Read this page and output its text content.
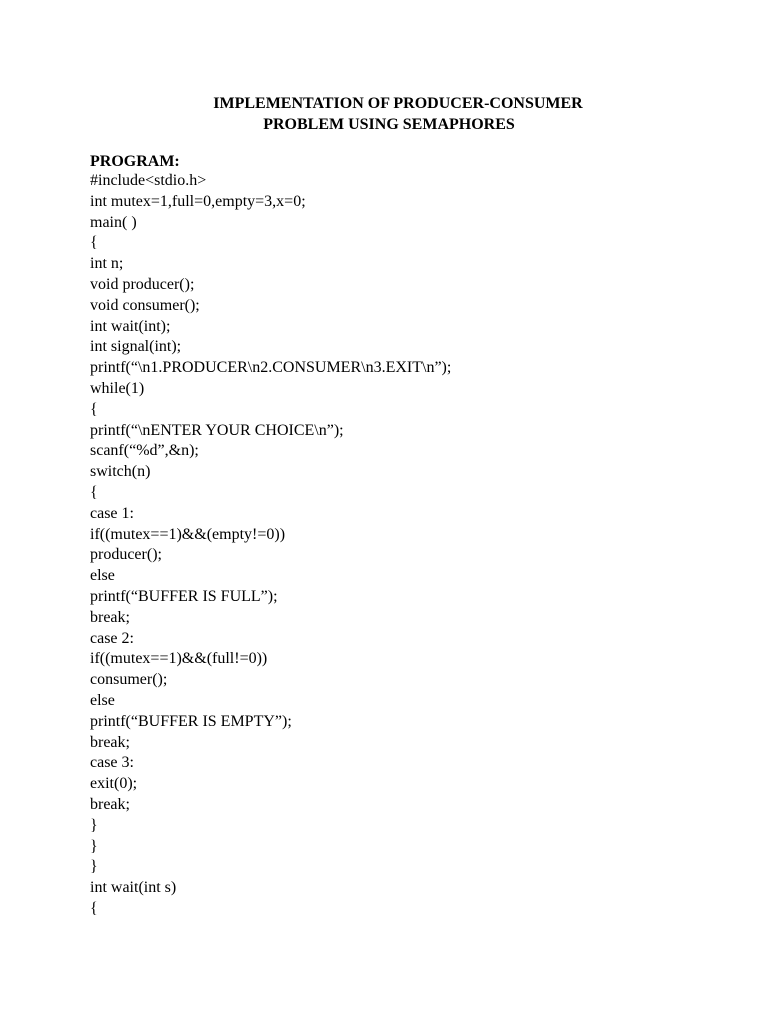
IMPLEMENTATION OF PRODUCER-CONSUMER
PROBLEM USING SEMAPHORES
PROGRAM:
#include<stdio.h>
int mutex=1,full=0,empty=3,x=0;
main( )
{
int n;
void producer();
void consumer();
int wait(int);
int signal(int);
printf(“\n1.PRODUCER\n2.CONSUMER\n3.EXIT\n”);
while(1)
{
printf(“\nENTER YOUR CHOICE\n”);
scanf(“%d”,&n);
switch(n)
{
case 1:
if((mutex==1)&&(empty!=0))
producer();
else
printf(“BUFFER IS FULL”);
break;
case 2:
if((mutex==1)&&(full!=0))
consumer();
else
printf(“BUFFER IS EMPTY”);
break;
case 3:
exit(0);
break;
}
}
}
int wait(int s)
{
